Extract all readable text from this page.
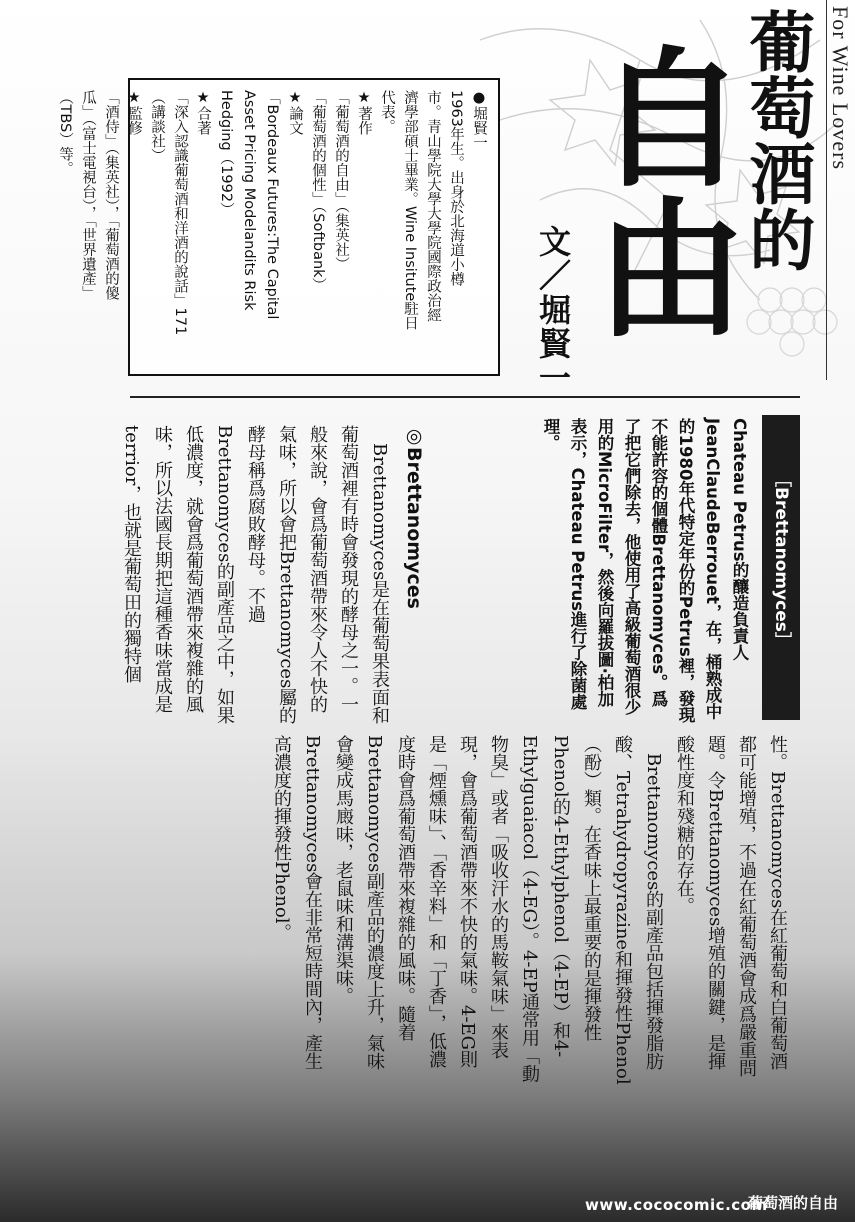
For Wine Lovers
葡萄酒的
自由
文／堀賢一

●堀賢一

1963年生。出身於北海道小樽

市。青山學院大學大學院國際政治經

濟學部碩士畢業。Wine Insitute駐日

代表。

★著作

「葡萄酒的自由」（集英社）

「葡萄酒的個性」（Softbank）

★論文

「Bordeaux Futures:The Capital

Asset Pricing Modelandits Risk

Hedging（1992）

★合著

「深入認識葡萄酒和洋酒的說話」171

（講談社）

★監修

「酒侍」（集英社），「葡萄酒的傻

瓜」（富士電視台），「世界遺產」

（TBS）等。

［Brettanomyces］
Chateau Petrus的釀造負責人JeanClaudeBerrouet，在，桶熟成中的1980年代特定年份的Petrus裡，發現不能許容的個體Brettanomyces。爲了把它們除去，他使用了高級葡萄酒很少用的MicroFilter，然後向羅拔圖·柏加表示，Chateau Petrus進行了除菌處理。
◎Brettanomyces
　Brettanomyces是在葡萄果表面和葡萄酒裡有時會發現的酵母之一。一般來說，會爲葡萄酒帶來令人不快的氣味，所以會把Brettanomyces屬的酵母稱爲腐敗酵母。不過Brettanomyces的副產品之中，如果低濃度，就會爲葡萄酒帶來複雜的風味，所以法國長期把這種香味當成是terrior，也就是葡萄田的獨特個
性。Brettanomyces在紅葡萄和白葡萄酒都可能增殖，不過在紅葡萄酒會成爲嚴重問題。令Brettanomyces增殖的關鍵，是揮酸性度和殘糖的存在。
　Brettanomyces的副產品包括揮發脂肪酸、Tetrahydropyrazine和揮發性Phenol（酚）類。在香味上最重要的是揮發性Phenol的4-Ethylphenol（4-EP）和4-Ethylguaiacol（4-EG）。4-EP通常用「動物臭」或者「吸收汗水的馬鞍氣味」來表現，會爲葡萄酒帶來不快的氣味。4-EG則是「煙燻味」、「香辛料」和「丁香」，低濃度時會爲葡萄酒帶來複雜的風味。隨着Brettanomyces副產品的濃度上升，氣味會變成馬廄味，老鼠味和溝渠味。Brettanomyces會在非常短時間內，產生高濃度的揮發性Phenol。
www.cococomic.com
葡萄酒的自由
